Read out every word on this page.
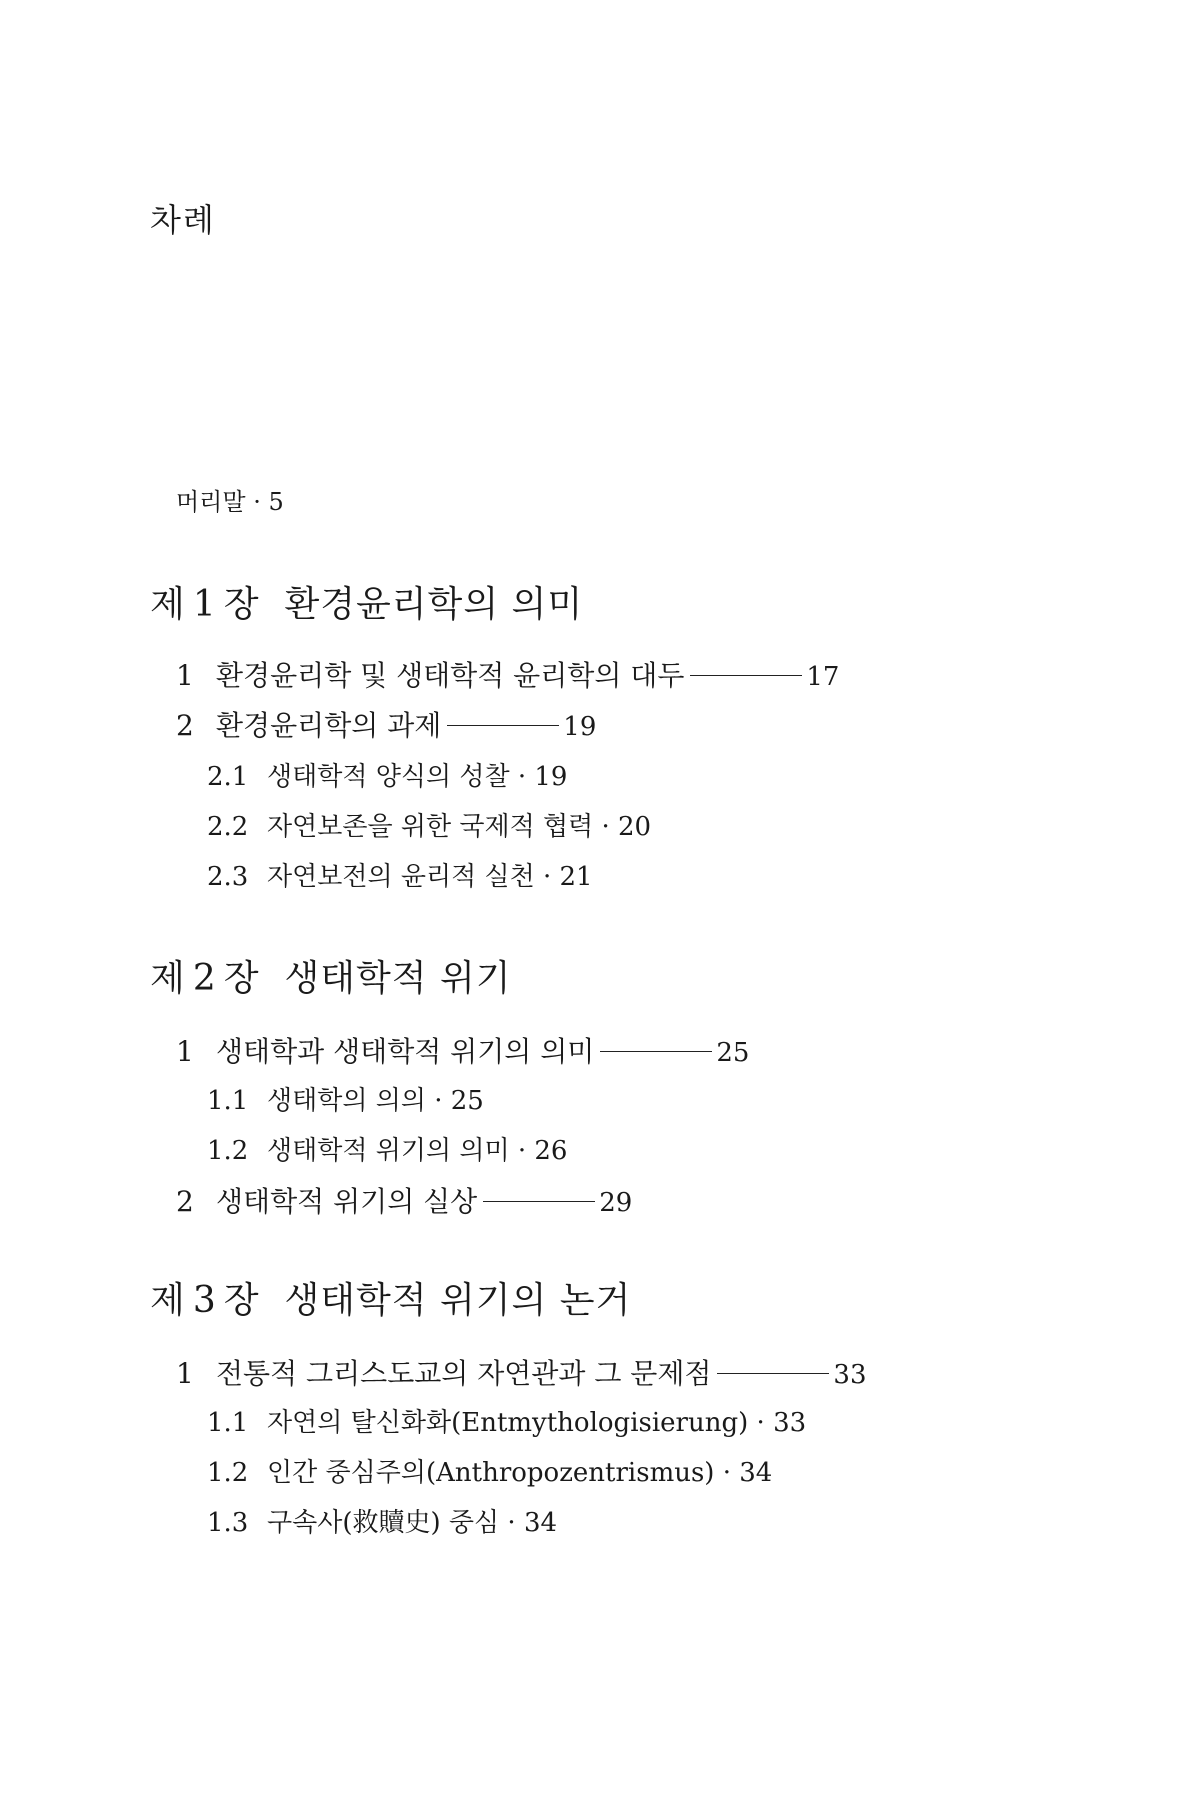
차례
머리말 · 5
제 1 장 환경윤리학의 의미
1 환경윤리학 및 생태학적 윤리학의 대두	17
2 환경윤리학의 과제	19
2.1 생태학적 양식의 성찰 · 19
2.2 자연보존을 위한 국제적 협력 · 20
2.3 자연보전의 윤리적 실천 · 21
제 2 장 생태학적 위기
1 생태학과 생태학적 위기의 의미	25
1.1 생태학의 의의 · 25
1.2 생태학적 위기의 의미 · 26
2 생태학적 위기의 실상	29
제 3 장 생태학적 위기의 논거
1 전통적 그리스도교의 자연관과 그 문제점	33
1.1 자연의 탈신화화(Entmythologisierung) · 33
1.2 인간 중심주의(Anthropozentrismus) · 34
1.3 구속사(救贖史) 중심 · 34
